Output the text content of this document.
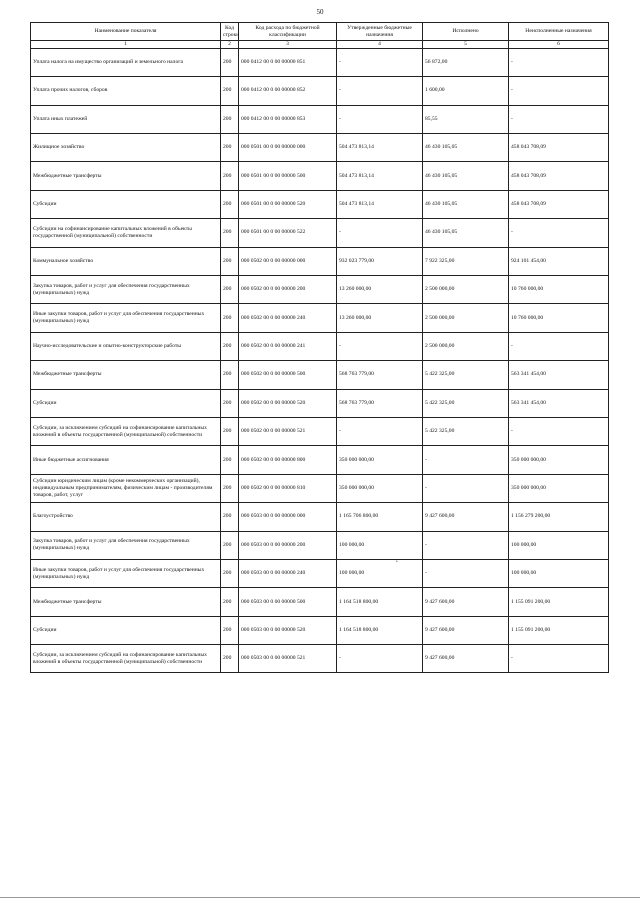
50
Наименование показателя	Код строки	Код расхода по бюджетной классификации	Утвержденные бюджетные назначения	Исполнено	Неисполненные назначения
1	2	3	4	5	6
Уплата налога на имущество организаций и земельного налога	200	000 0412 00 0 00 00000 851	-	56 872,00	-
Уплата прочих налогов, сборов	200	000 0412 00 0 00 00000 852	-	1 600,00	-
Уплата иных платежей	200	000 0412 00 0 00 00000 853	-	85,55	-
Жилищное хозяйство	200	000 0501 00 0 00 00000 000	504 473 813,14	46 430 105,05	458 043 708,09
Межбюджетные трансферты	200	000 0501 00 0 00 00000 500	504 473 813,14	46 430 105,05	458 043 708,09
Субсидии	200	000 0501 00 0 00 00000 520	504 473 813,14	46 430 105,05	458 043 708,09
Субсидии на софинансирование капитальных вложений в объекты государственной (муниципальной) собственности	200	000 0501 00 0 00 00000 522	-	46 430 105,05	-
Коммунальное хозяйство	200	000 0502 00 0 00 00000 000	932 023 779,00	7 922 325,00	924 101 454,00
Закупка товаров, работ и услуг для обеспечения государственных (муниципальных) нужд	200	000 0502 00 0 00 00000 200	13 260 000,00	2 500 000,00	10 760 000,00
Иные закупки товаров, работ и услуг для обеспечения государственных (муниципальных) нужд	200	000 0502 00 0 00 00000 240	13 260 000,00	2 500 000,00	10 760 000,00
Научно-исследовательские и опытно-конструкторские работы	200	000 0502 00 0 00 00000 241	-	2 500 000,00	-
Межбюджетные трансферты	200	000 0502 00 0 00 00000 500	568 763 779,00	5 422 325,00	563 341 454,00
Субсидии	200	000 0502 00 0 00 00000 520	568 763 779,00	5 422 325,00	563 341 454,00
Субсидии, за исключением субсидий на софинансирование капитальных вложений в объекты государственной (муниципальной) собственности	200	000 0502 00 0 00 00000 521	-	5 422 325,00	-
Иные бюджетные ассигнования	200	000 0502 00 0 00 00000 800	350 000 000,00	-	350 000 000,00
Субсидии юридическим лицам (кроме некоммерческих организаций), индивидуальным предпринимателям, физическим лицам - производителям товаров, работ, услуг	200	000 0502 00 0 00 00000 810	350 000 000,00	-	350 000 000,00
Благоустройство	200	000 0503 00 0 00 00000 000	1 165 706 800,00	9 427 600,00	1 156 279 200,00
Закупка товаров, работ и услуг для обеспечения государственных (муниципальных) нужд	200	000 0503 00 0 00 00000 200	100 000,00	-	100 000,00
Иные закупки товаров, работ и услуг для обеспечения государственных (муниципальных) нужд	200	000 0503 00 0 00 00000 240	100 000,00	-	100 000,00
Межбюджетные трансферты	200	000 0503 00 0 00 00000 500	1 164 518 800,00	9 427 600,00	1 155 091 200,00
Субсидии	200	000 0503 00 0 00 00000 520	1 164 518 800,00	9 427 600,00	1 155 091 200,00
Субсидии, за исключением субсидий на софинансирование капитальных вложений в объекты государственной (муниципальной) собственности	200	000 0503 00 0 00 00000 521	-	9 427 600,00	-
•
